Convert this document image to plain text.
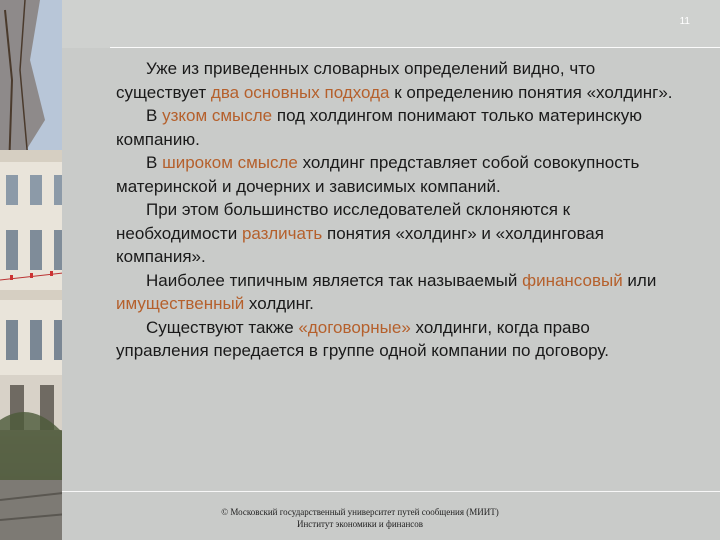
11

Уже из приведенных словарных определений видно, что существует два основных подхода к определению понятия «холдинг».

В узком смысле под холдингом понимают только материнскую компанию.

В широком смысле холдинг представляет собой совокупность материнской и дочерних и зависимых компаний.

При этом большинство исследователей склоняются к необходимости различать понятия «холдинг» и «холдинговая компания».

Наиболее типичным является так называемый финансовый или имущественный холдинг.

Существуют также «договорные» холдинги, когда право управления передается в группе одной компании по договору.

© Московский государственный университет путей сообщения (МИИТ)
Институт экономики и финансов
